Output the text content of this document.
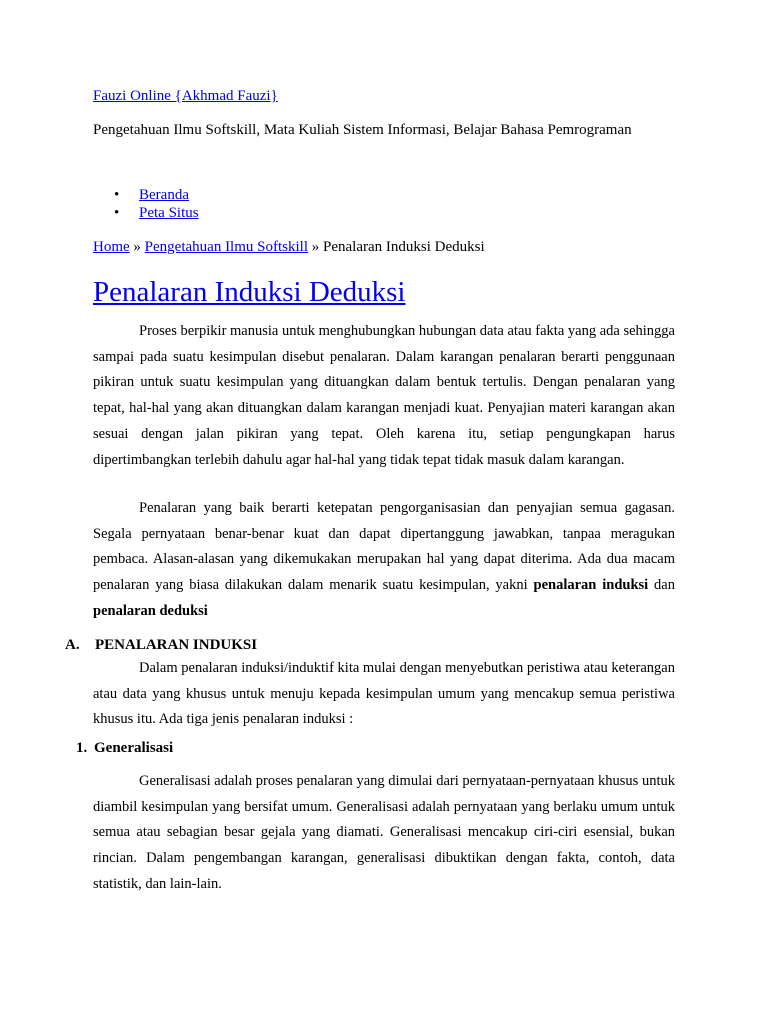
Fauzi Online {Akhmad Fauzi}
Pengetahuan Ilmu Softskill, Mata Kuliah Sistem Informasi, Belajar Bahasa Pemrograman
• Beranda
• Peta Situs
Home » Pengetahuan Ilmu Softskill » Penalaran Induksi Deduksi
Penalaran Induksi Deduksi

Proses berpikir manusia untuk menghubungkan hubungan data atau fakta yang ada sehingga sampai pada suatu kesimpulan disebut penalaran. Dalam karangan penalaran berarti penggunaan pikiran untuk suatu kesimpulan yang dituangkan dalam bentuk tertulis. Dengan penalaran yang tepat, hal-hal yang akan dituangkan dalam karangan menjadi kuat. Penyajian materi karangan akan sesuai dengan jalan pikiran yang tepat. Oleh karena itu, setiap pengungkapan harus dipertimbangkan terlebih dahulu agar hal-hal yang tidak tepat tidak masuk dalam karangan.

Penalaran yang baik berarti ketepatan pengorganisasian dan penyajian semua gagasan. Segala pernyataan benar-benar kuat dan dapat dipertanggung jawabkan, tanpaa meragukan pembaca. Alasan-alasan yang dikemukakan merupakan hal yang dapat diterima. Ada dua macam penalaran yang biasa dilakukan dalam menarik suatu kesimpulan, yakni penalaran induksi dan penalaran deduksi

A. PENALARAN INDUKSI

Dalam penalaran induksi/induktif kita mulai dengan menyebutkan peristiwa atau keterangan atau data yang khusus untuk menuju kepada kesimpulan umum yang mencakup semua peristiwa khusus itu. Ada tiga jenis penalaran induksi :

1. Generalisasi

Generalisasi adalah proses penalaran yang dimulai dari pernyataan-pernyataan khusus untuk diambil kesimpulan yang bersifat umum. Generalisasi adalah pernyataan yang berlaku umum untuk semua atau sebagian besar gejala yang diamati. Generalisasi mencakup ciri-ciri esensial, bukan rincian. Dalam pengembangan karangan, generalisasi dibuktikan dengan fakta, contoh, data statistik, dan lain-lain.
